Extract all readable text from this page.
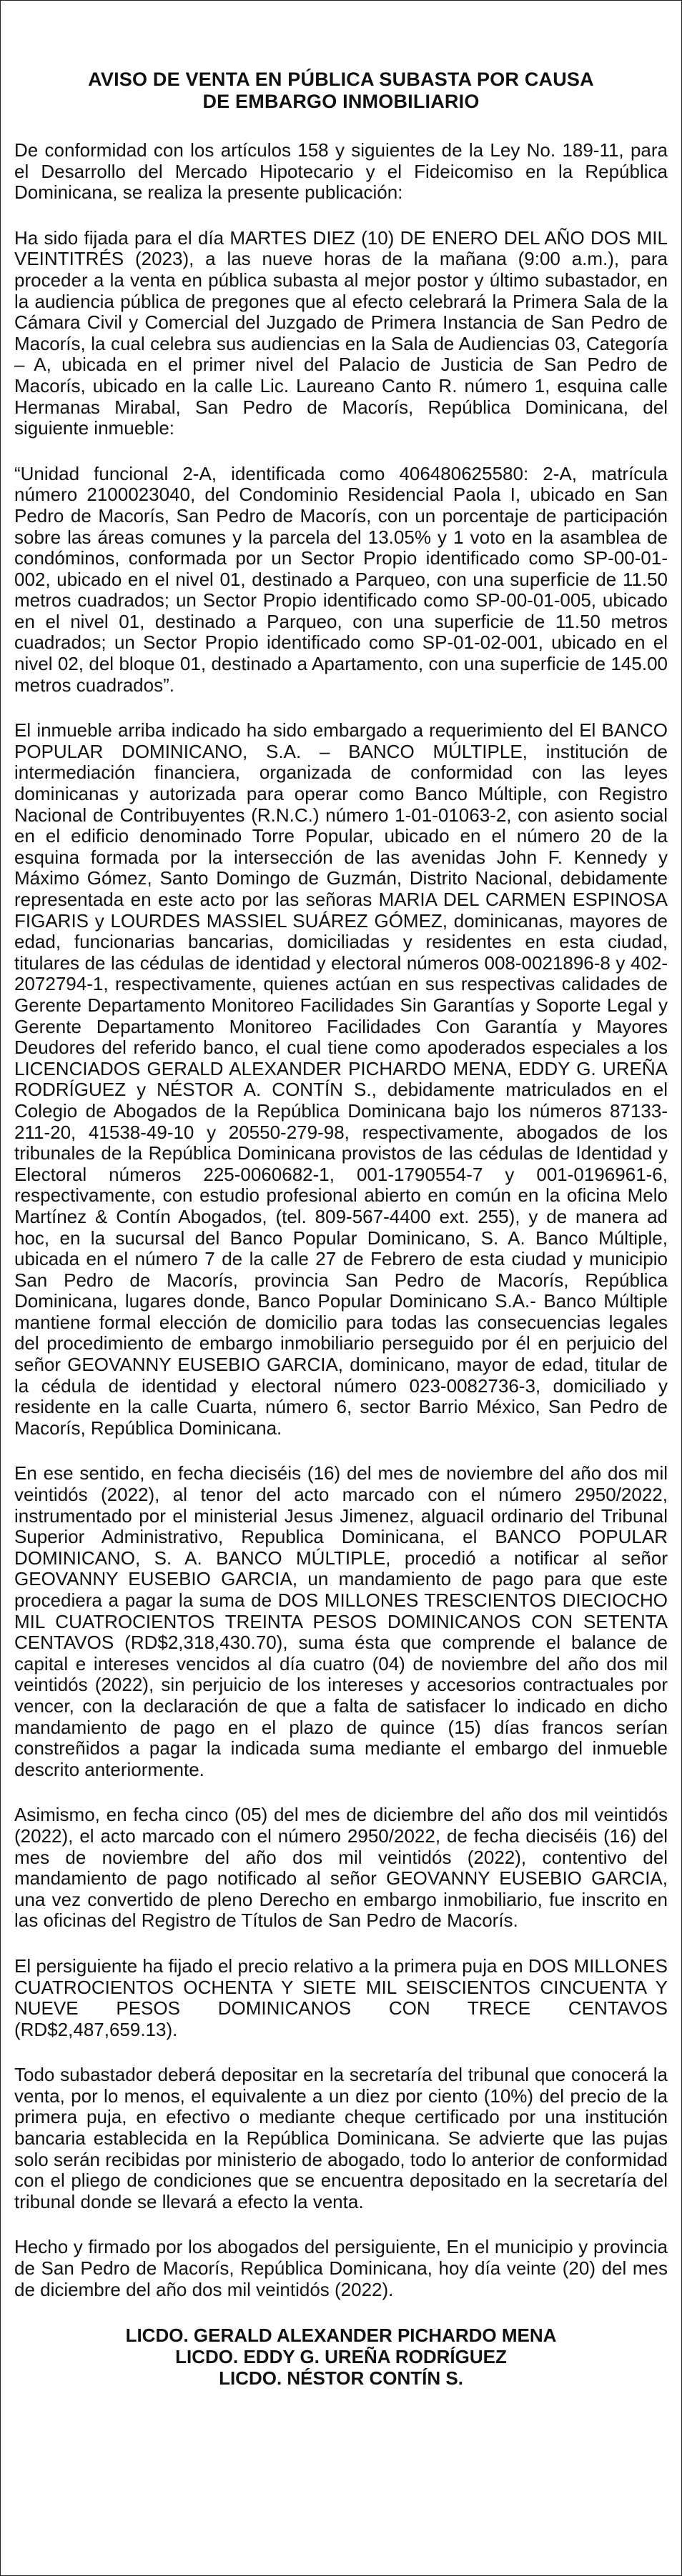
AVISO DE VENTA EN PÚBLICA SUBASTA POR CAUSA
DE EMBARGO INMOBILIARIO

De conformidad con los artículos 158 y siguientes de la Ley No. 189-11, para el Desarrollo del Mercado Hipotecario y el Fideicomiso en la República Dominicana, se realiza la presente publicación:

Ha sido fijada para el día MARTES DIEZ (10) DE ENERO DEL AÑO DOS MIL VEINTITRÉS (2023), a las nueve horas de la mañana (9:00 a.m.), para proceder a la venta en pública subasta al mejor postor y último subastador, en la audiencia pública de pregones que al efecto celebrará la Primera Sala de la Cámara Civil y Comercial del Juzgado de Primera Instancia de San Pedro de Macorís, la cual celebra sus audiencias en la Sala de Audiencias 03, Categoría – A, ubicada en el primer nivel del Palacio de Justicia de San Pedro de Macorís, ubicado en la calle Lic. Laureano Canto R. número 1, esquina calle Hermanas Mirabal, San Pedro de Macorís, República Dominicana, del siguiente inmueble:

“Unidad funcional 2-A, identificada como 406480625580: 2-A, matrícula número 2100023040, del Condominio Residencial Paola I, ubicado en San Pedro de Macorís, San Pedro de Macorís, con un porcentaje de participación sobre las áreas comunes y la parcela del 13.05% y 1 voto en la asamblea de condóminos, conformada por un Sector Propio identificado como SP-00-01-002, ubicado en el nivel 01, destinado a Parqueo, con una superficie de 11.50 metros cuadrados; un Sector Propio identificado como SP-00-01-005, ubicado en el nivel 01, destinado a Parqueo, con una superficie de 11.50 metros cuadrados; un Sector Propio identificado como SP-01-02-001, ubicado en el nivel 02, del bloque 01, destinado a Apartamento, con una superficie de 145.00 metros cuadrados”.

El inmueble arriba indicado ha sido embargado a requerimiento del El BANCO POPULAR DOMINICANO, S.A. – BANCO MÚLTIPLE, institución de intermediación financiera, organizada de conformidad con las leyes dominicanas y autorizada para operar como Banco Múltiple, con Registro Nacional de Contribuyentes (R.N.C.) número 1-01-01063-2, con asiento social en el edificio denominado Torre Popular, ubicado en el número 20 de la esquina formada por la intersección de las avenidas John F. Kennedy y Máximo Gómez, Santo Domingo de Guzmán, Distrito Nacional, debidamente representada en este acto por las señoras MARIA DEL CARMEN ESPINOSA FIGARIS y LOURDES MASSIEL SUÁREZ GÓMEZ, dominicanas, mayores de edad, funcionarias bancarias, domiciliadas y residentes en esta ciudad, titulares de las cédulas de identidad y electoral números 008-0021896-8 y 402-2072794-1, respectivamente, quienes actúan en sus respectivas calidades de Gerente Departamento Monitoreo Facilidades Sin Garantías y Soporte Legal y Gerente Departamento Monitoreo Facilidades Con Garantía y Mayores Deudores del referido banco, el cual tiene como apoderados especiales a los LICENCIADOS GERALD ALEXANDER PICHARDO MENA, EDDY G. UREÑA RODRÍGUEZ y NÉSTOR A. CONTÍN S., debidamente matriculados en el Colegio de Abogados de la República Dominicana bajo los números 87133-211-20, 41538-49-10 y 20550-279-98, respectivamente, abogados de los tribunales de la República Dominicana provistos de las cédulas de Identidad y Electoral números 225-0060682-1, 001-1790554-7 y 001-0196961-6, respectivamente, con estudio profesional abierto en común en la oficina Melo Martínez & Contín Abogados, (tel. 809-567-4400 ext. 255), y de manera ad hoc, en la sucursal del Banco Popular Dominicano, S. A. Banco Múltiple, ubicada en el número 7 de la calle 27 de Febrero de esta ciudad y municipio San Pedro de Macorís, provincia San Pedro de Macorís, República Dominicana, lugares donde, Banco Popular Dominicano S.A.- Banco Múltiple mantiene formal elección de domicilio para todas las consecuencias legales del procedimiento de embargo inmobiliario perseguido por él en perjuicio del señor GEOVANNY EUSEBIO GARCIA, dominicano, mayor de edad, titular de la cédula de identidad y electoral número 023-0082736-3, domiciliado y residente en la calle Cuarta, número 6, sector Barrio México, San Pedro de Macorís, República Dominicana.

En ese sentido, en fecha dieciséis (16) del mes de noviembre del año dos mil veintidós (2022), al tenor del acto marcado con el número 2950/2022, instrumentado por el ministerial Jesus Jimenez, alguacil ordinario del Tribunal Superior Administrativo, Republica Dominicana, el BANCO POPULAR DOMINICANO, S. A. BANCO MÚLTIPLE, procedió a notificar al señor GEOVANNY EUSEBIO GARCIA, un mandamiento de pago para que este procediera a pagar la suma de DOS MILLONES TRESCIENTOS DIECIOCHO MIL CUATROCIENTOS TREINTA PESOS DOMINICANOS CON SETENTA CENTAVOS (RD$2,318,430.70), suma ésta que comprende el balance de capital e intereses vencidos al día cuatro (04) de noviembre del año dos mil veintidós (2022), sin perjuicio de los intereses y accesorios contractuales por vencer, con la declaración de que a falta de satisfacer lo indicado en dicho mandamiento de pago en el plazo de quince (15) días francos serían constreñidos a pagar la indicada suma mediante el embargo del inmueble descrito anteriormente.

Asimismo, en fecha cinco (05) del mes de diciembre del año dos mil veintidós (2022), el acto marcado con el número 2950/2022, de fecha dieciséis (16) del mes de noviembre del año dos mil veintidós (2022), contentivo del mandamiento de pago notificado al señor GEOVANNY EUSEBIO GARCIA, una vez convertido de pleno Derecho en embargo inmobiliario, fue inscrito en las oficinas del Registro de Títulos de San Pedro de Macorís.

El persiguiente ha fijado el precio relativo a la primera puja en DOS MILLONES CUATROCIENTOS OCHENTA Y SIETE MIL SEISCIENTOS CINCUENTA Y NUEVE PESOS DOMINICANOS CON TRECE CENTAVOS (RD$2,487,659.13).

Todo subastador deberá depositar en la secretaría del tribunal que conocerá la venta, por lo menos, el equivalente a un diez por ciento (10%) del precio de la primera puja, en efectivo o mediante cheque certificado por una institución bancaria establecida en la República Dominicana. Se advierte que las pujas solo serán recibidas por ministerio de abogado, todo lo anterior de conformidad con el pliego de condiciones que se encuentra depositado en la secretaría del tribunal donde se llevará a efecto la venta.

Hecho y firmado por los abogados del persiguiente, En el municipio y provincia de San Pedro de Macorís, República Dominicana, hoy día veinte (20) del mes de diciembre del año dos mil veintidós (2022).

LICDO. GERALD ALEXANDER PICHARDO MENA
LICDO. EDDY G. UREÑA RODRÍGUEZ
LICDO. NÉSTOR CONTÍN S.
